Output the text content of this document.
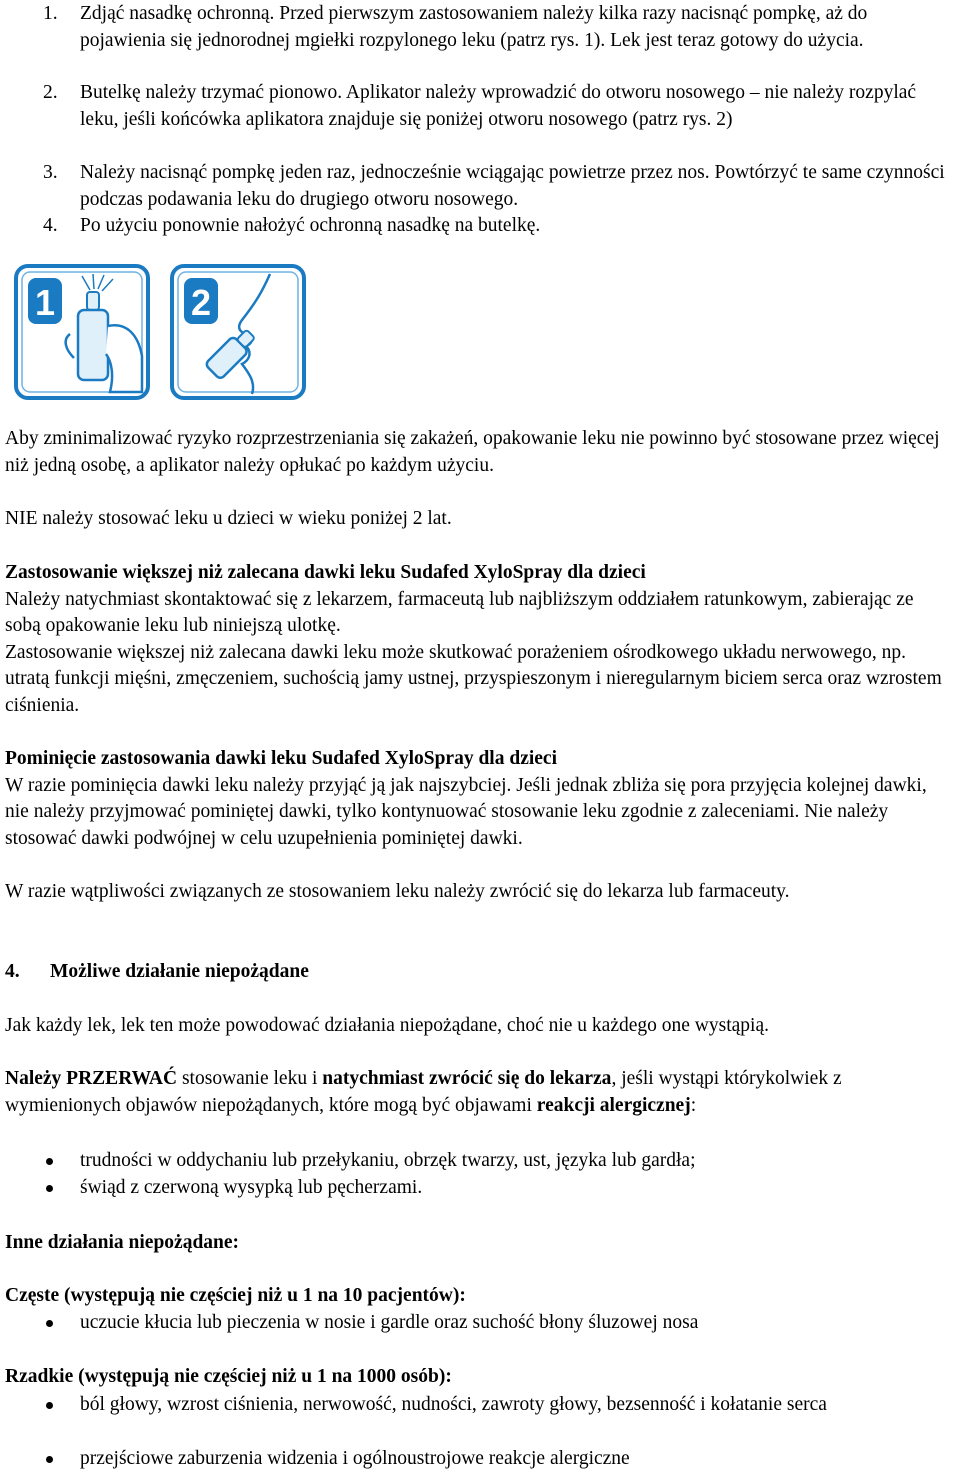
1. Zdjąć nasadkę ochronną. Przed pierwszym zastosowaniem należy kilka razy nacisnąć pompkę, aż do pojawienia się jednorodnej mgiełki rozpylonego leku (patrz rys. 1). Lek jest teraz gotowy do użycia.
2. Butelkę należy trzymać pionowo. Aplikator należy wprowadzić do otworu nosowego – nie należy rozpylać leku, jeśli końcówka aplikatora znajduje się poniżej otworu nosowego (patrz rys. 2)
3. Należy nacisnąć pompkę jeden raz, jednocześnie wciągając powietrze przez nos. Powtórzyć te same czynności podczas podawania leku do drugiego otworu nosowego.
4. Po użyciu ponownie nałożyć ochronną nasadkę na butelkę.
1	2
Aby zminimalizować ryzyko rozprzestrzeniania się zakażeń, opakowanie leku nie powinno być stosowane przez więcej niż jedną osobę, a aplikator należy opłukać po każdym użyciu.
NIE należy stosować leku u dzieci w wieku poniżej 2 lat.
Zastosowanie większej niż zalecana dawki leku Sudafed XyloSpray dla dzieci
Należy natychmiast skontaktować się z lekarzem, farmaceutą lub najbliższym oddziałem ratunkowym, zabierając ze sobą opakowanie leku lub niniejszą ulotkę.
Zastosowanie większej niż zalecana dawki leku może skutkować porażeniem ośrodkowego układu nerwowego, np. utratą funkcji mięśni, zmęczeniem, suchością jamy ustnej, przyspieszonym i nieregularnym biciem serca oraz wzrostem ciśnienia.
Pominięcie zastosowania dawki leku Sudafed XyloSpray dla dzieci
W razie pominięcia dawki leku należy przyjąć ją jak najszybciej. Jeśli jednak zbliża się pora przyjęcia kolejnej dawki, nie należy przyjmować pominiętej dawki, tylko kontynuować stosowanie leku zgodnie z zaleceniami. Nie należy stosować dawki podwójnej w celu uzupełnienia pominiętej dawki.
W razie wątpliwości związanych ze stosowaniem leku należy zwrócić się do lekarza lub farmaceuty.
4. Możliwe działanie niepożądane
Jak każdy lek, lek ten może powodować działania niepożądane, choć nie u każdego one wystąpią.
Należy PRZERWAĆ stosowanie leku i natychmiast zwrócić się do lekarza, jeśli wystąpi którykolwiek z wymienionych objawów niepożądanych, które mogą być objawami reakcji alergicznej:
trudności w oddychaniu lub przełykaniu, obrzęk twarzy, ust, języka lub gardła;
świąd z czerwoną wysypką lub pęcherzami.
Inne działania niepożądane:
Częste (występują nie częściej niż u 1 na 10 pacjentów):
uczucie kłucia lub pieczenia w nosie i gardle oraz suchość błony śluzowej nosa
Rzadkie (występują nie częściej niż u 1 na 1000 osób):
ból głowy, wzrost ciśnienia, nerwowość, nudności, zawroty głowy, bezsenność i kołatanie serca
przejściowe zaburzenia widzenia i ogólnoustrojowe reakcje alergiczne
